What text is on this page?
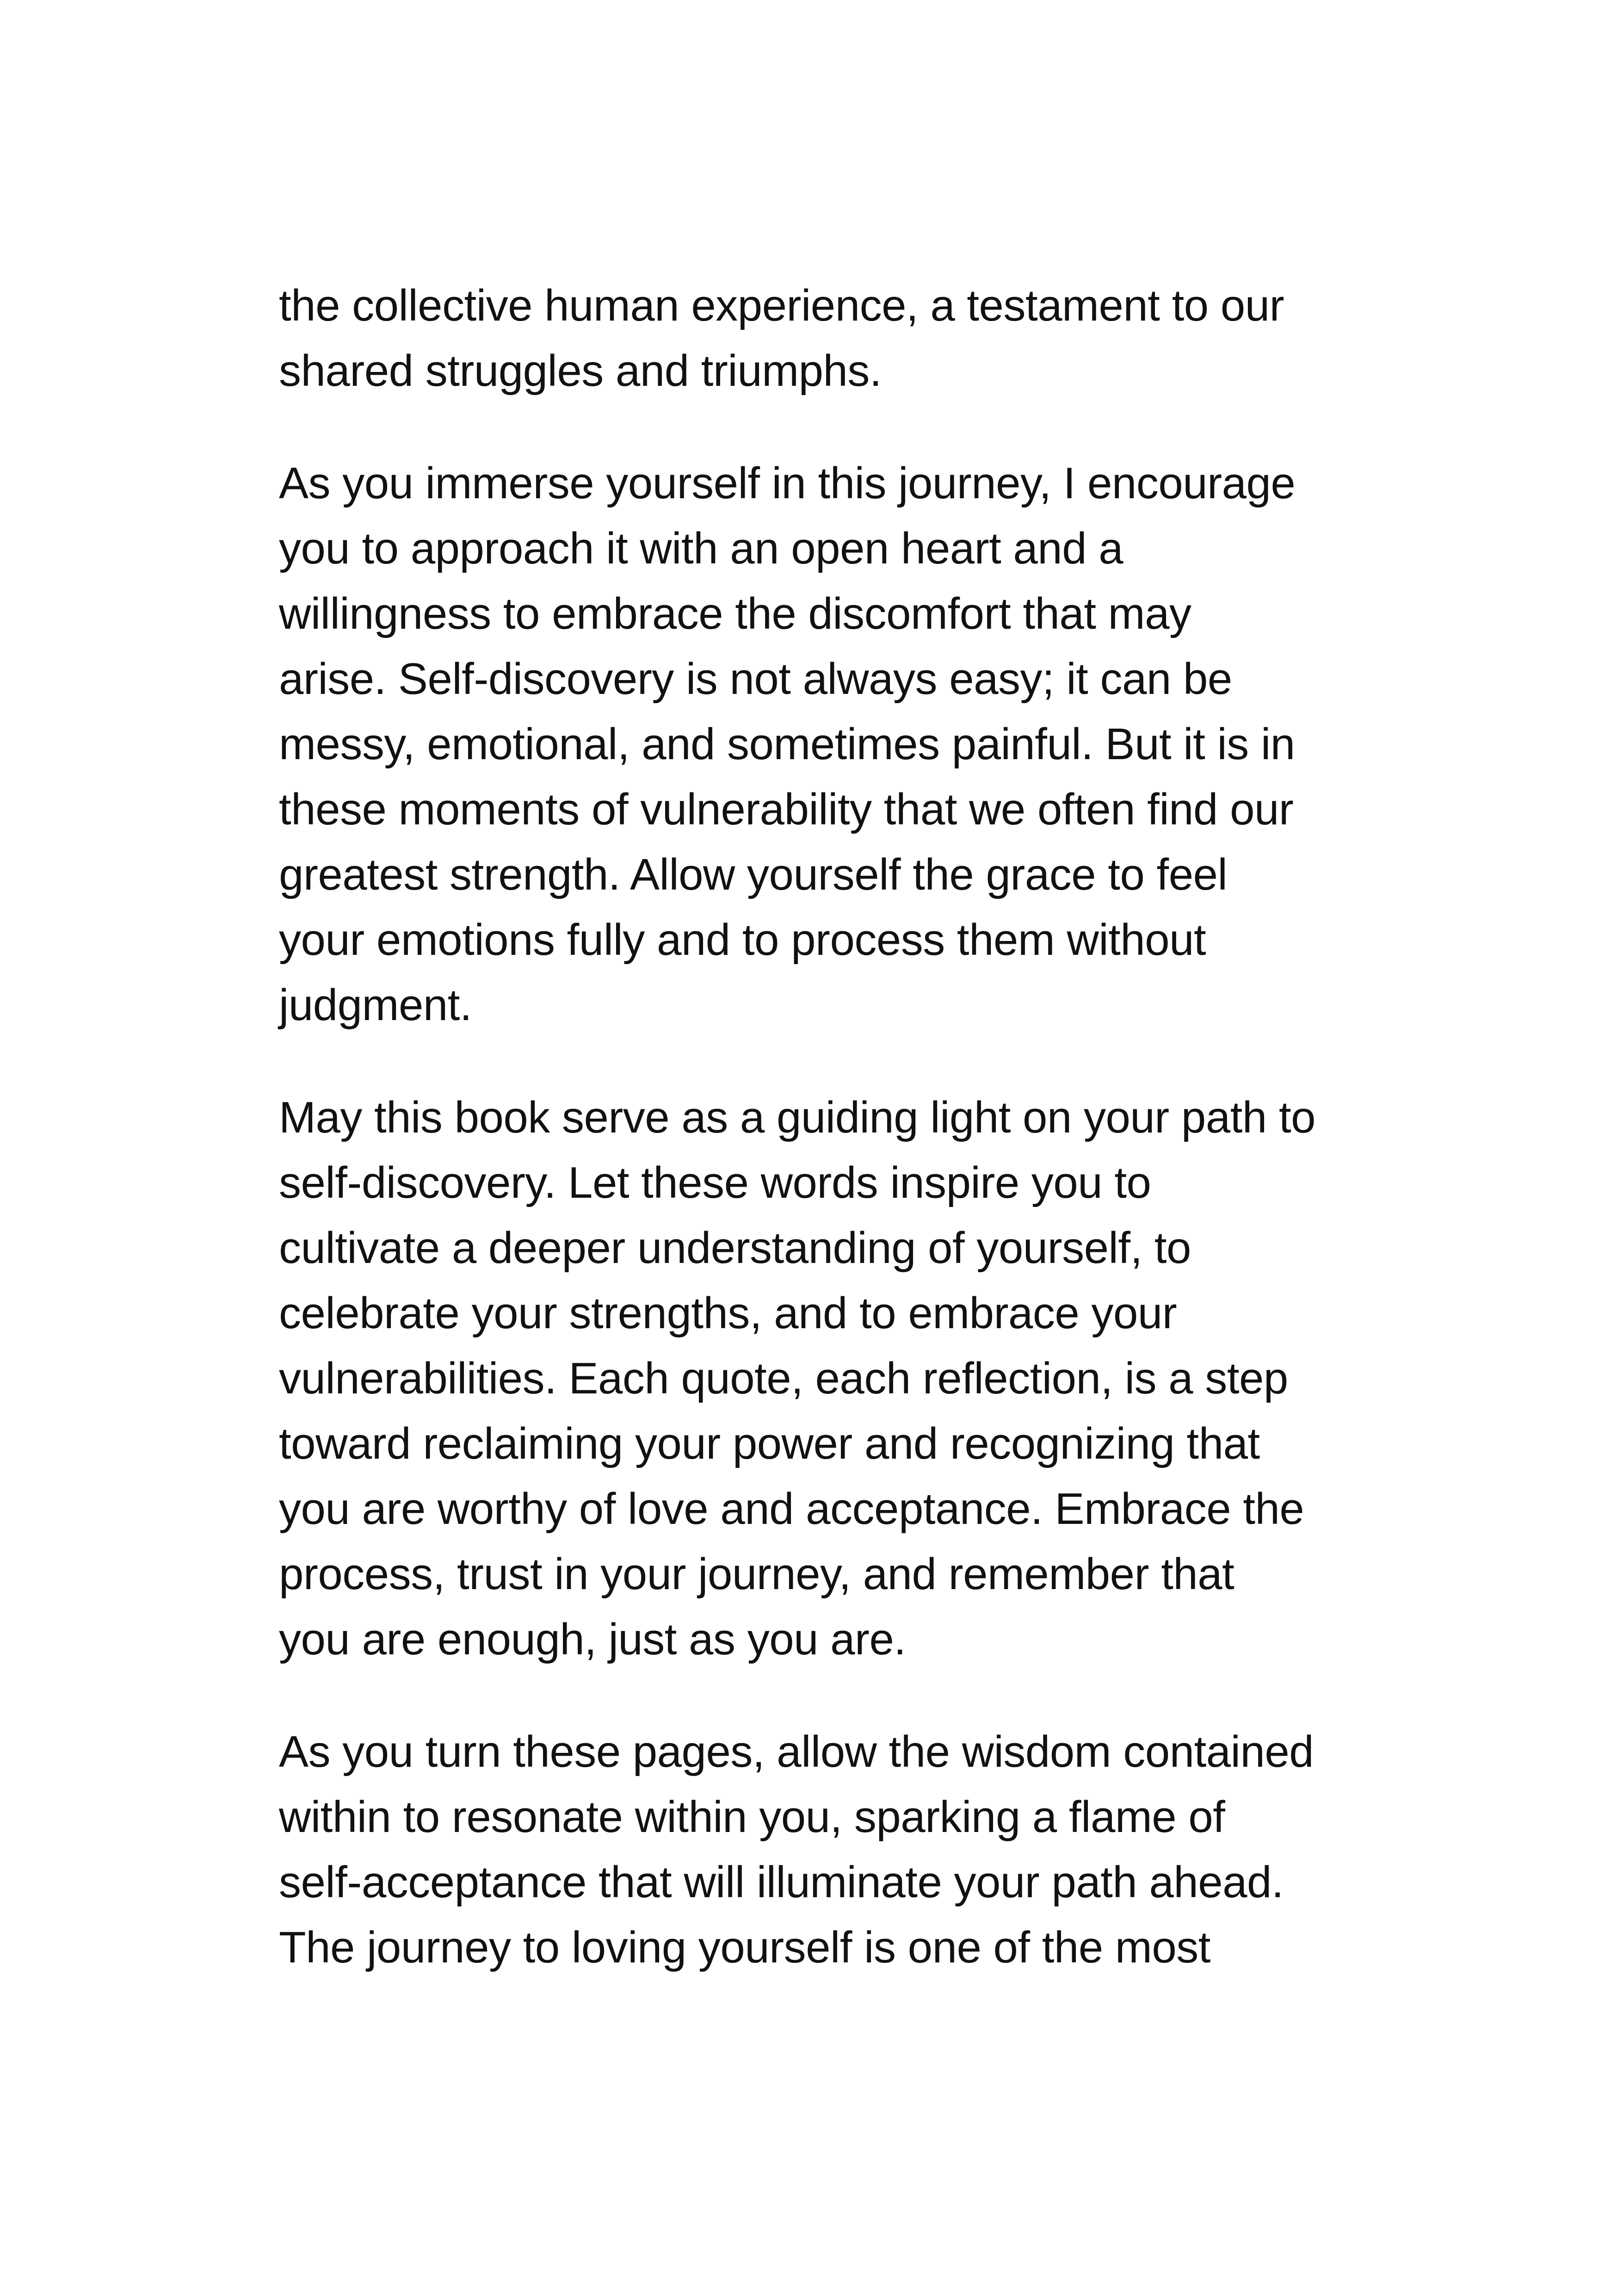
the collective human experience, a testament to our
shared struggles and triumphs.

As you immerse yourself in this journey, I encourage
you to approach it with an open heart and a
willingness to embrace the discomfort that may
arise. Self-discovery is not always easy; it can be
messy, emotional, and sometimes painful. But it is in
these moments of vulnerability that we often find our
greatest strength. Allow yourself the grace to feel
your emotions fully and to process them without
judgment.

May this book serve as a guiding light on your path to
self-discovery. Let these words inspire you to
cultivate a deeper understanding of yourself, to
celebrate your strengths, and to embrace your
vulnerabilities. Each quote, each reflection, is a step
toward reclaiming your power and recognizing that
you are worthy of love and acceptance. Embrace the
process, trust in your journey, and remember that
you are enough, just as you are.

As you turn these pages, allow the wisdom contained
within to resonate within you, sparking a flame of
self-acceptance that will illuminate your path ahead.
The journey to loving yourself is one of the most
